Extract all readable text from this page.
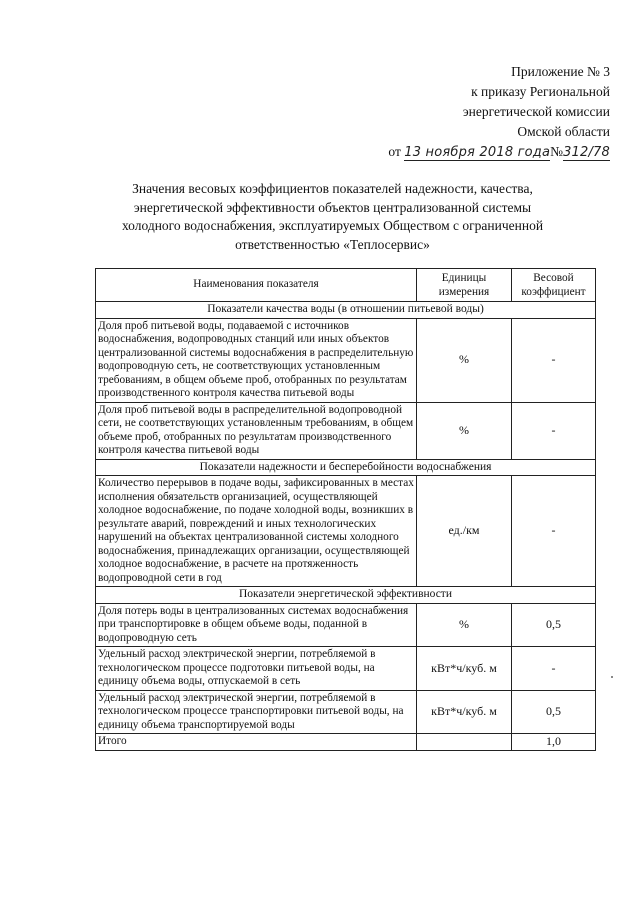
Приложение № 3
к приказу Региональной
энергетической комиссии
Омской области
от 13 ноября 2018 года№312/78
Значения весовых коэффициентов показателей надежности, качества,
энергетической эффективности объектов централизованной системы
холодного водоснабжения, эксплуатируемых Обществом с ограниченной
ответственностью «Теплосервис»
Наименования показателя	Единицы измерения	Весовой коэффициент
Показатели качества воды (в отношении питьевой воды)		
Доля проб питьевой воды, подаваемой с источников водоснабжения, водопроводных станций или иных объектов централизованной системы водоснабжения в распределительную водопроводную сеть, не соответствующих установленным требованиям, в общем объеме проб, отобранных по результатам производственного контроля качества питьевой воды	%	-
Доля проб питьевой воды в распределительной водопроводной сети, не соответствующих установленным требованиям, в общем объеме проб, отобранных по результатам производственного контроля качества питьевой воды	%	-
Показатели надежности и бесперебойности водоснабжения		
Количество перерывов в подаче воды, зафиксированных в местах исполнения обязательств организацией, осуществляющей холодное водоснабжение, по подаче холодной воды, возникших в результате аварий, повреждений и иных технологических нарушений на объектах централизованной системы холодного водоснабжения, принадлежащих организации, осуществляющей холодное водоснабжение, в расчете на протяженность водопроводной сети в год	ед./км	-
Показатели энергетической эффективности		
Доля потерь воды в централизованных системах водоснабжения при транспортировке в общем объеме воды, поданной в водопроводную сеть	%	0,5
Удельный расход электрической энергии, потребляемой в технологическом процессе подготовки питьевой воды, на единицу объема воды, отпускаемой в сеть	кВт*ч/куб. м	-
Удельный расход электрической энергии, потребляемой в технологическом процессе транспортировки питьевой воды, на единицу объема транспортируемой воды	кВт*ч/куб. м	0,5
Итого		1,0
